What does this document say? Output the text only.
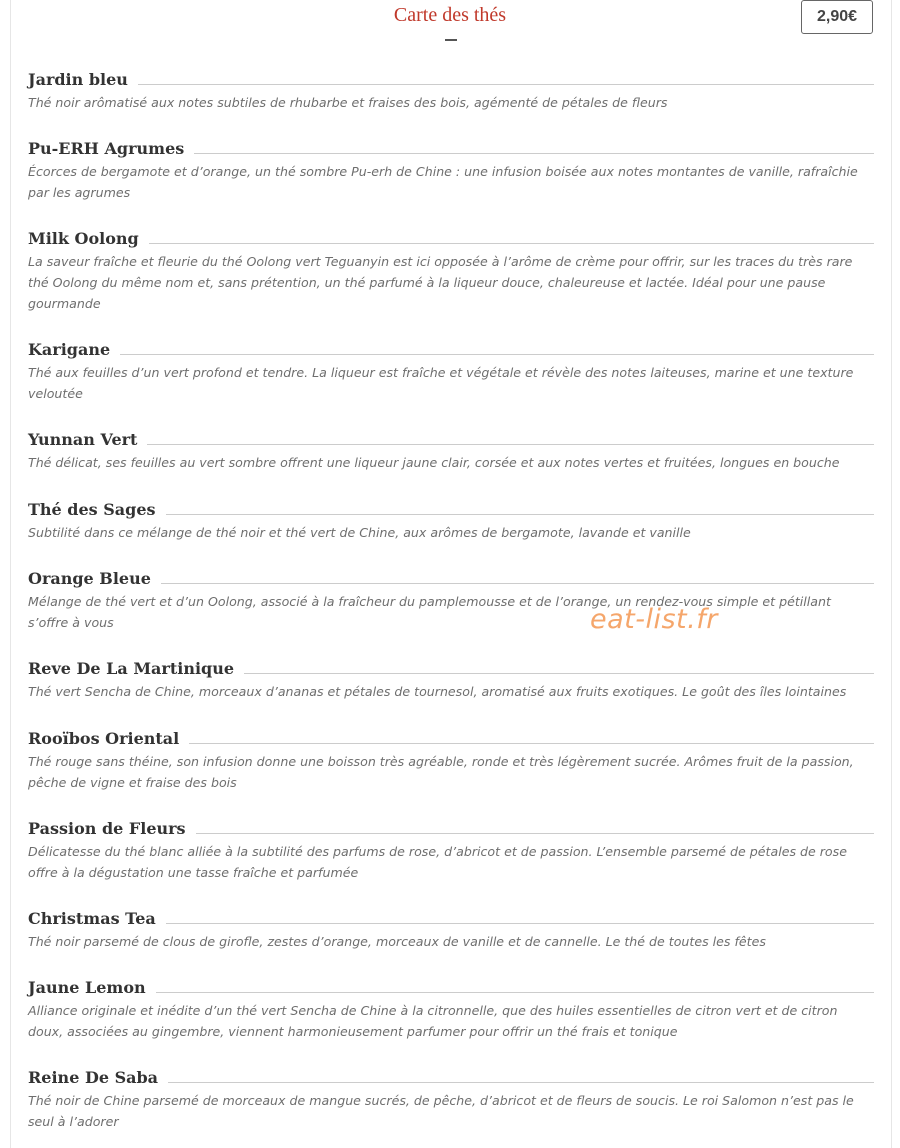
Carte des thés	2,90€
Jardin bleu
Thé noir arômatisé aux notes subtiles de rhubarbe et fraises des bois, agémenté de pétales de fleurs
Pu-ERH Agrumes
Écorces de bergamote et d’orange, un thé sombre Pu-erh de Chine : une infusion boisée aux notes montantes de vanille, rafraîchie par les agrumes
Milk Oolong
La saveur fraîche et fleurie du thé Oolong vert Teguanyin est ici opposée à l’arôme de crème pour offrir, sur les traces du très rare thé Oolong du même nom et, sans prétention, un thé parfumé à la liqueur douce, chaleureuse et lactée. Idéal pour une pause gourmande
Karigane
Thé aux feuilles d’un vert profond et tendre. La liqueur est fraîche et végétale et révèle des notes laiteuses, marine et une texture veloutée
Yunnan Vert
Thé délicat, ses feuilles au vert sombre offrent une liqueur jaune clair, corsée et aux notes vertes et fruitées, longues en bouche
Thé des Sages
Subtilité dans ce mélange de thé noir et thé vert de Chine, aux arômes de bergamote, lavande et vanille
Orange Bleue
Mélange de thé vert et d’un Oolong, associé à la fraîcheur du pamplemousse et de l’orange, un rendez-vous simple et pétillant s’offre à vous
Reve De La Martinique
Thé vert Sencha de Chine, morceaux d’ananas et pétales de tournesol, aromatisé aux fruits exotiques. Le goût des îles lointaines
Rooïbos Oriental
Thé rouge sans théine, son infusion donne une boisson très agréable, ronde et très légèrement sucrée. Arômes fruit de la passion, pêche de vigne et fraise des bois
Passion de Fleurs
Délicatesse du thé blanc alliée à la subtilité des parfums de rose, d’abricot et de passion. L’ensemble parsemé de pétales de rose offre à la dégustation une tasse fraîche et parfumée
Christmas Tea
Thé noir parsemé de clous de girofle, zestes d’orange, morceaux de vanille et de cannelle. Le thé de toutes les fêtes
Jaune Lemon
Alliance originale et inédite d’un thé vert Sencha de Chine à la citronnelle, que des huiles essentielles de citron vert et de citron doux, associées au gingembre, viennent harmonieusement parfumer pour offrir un thé frais et tonique
Reine De Saba
Thé noir de Chine parsemé de morceaux de mangue sucrés, de pêche, d’abricot et de fleurs de soucis. Le roi Salomon n’est pas le seul à l’adorer
eat-list.fr
